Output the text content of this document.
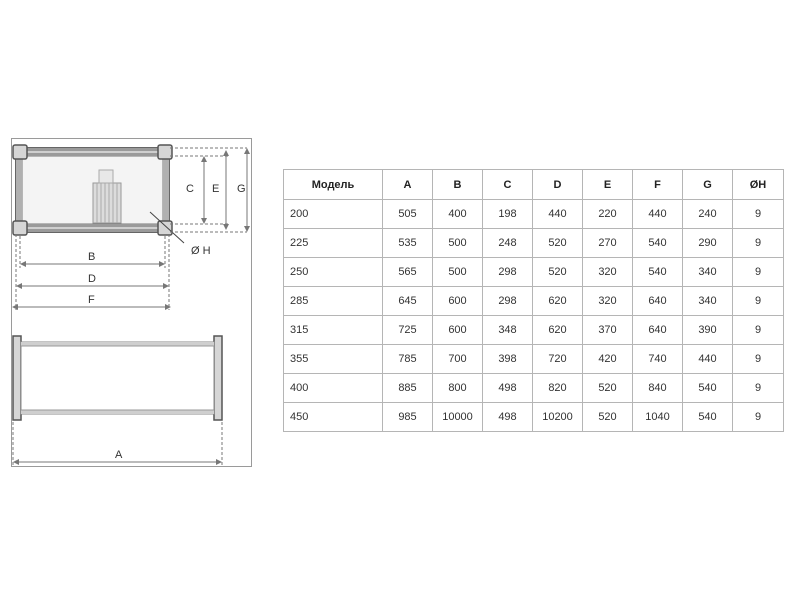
C E G
Ø H
B
D
F
A
Модель	A	B	C	D	E	F	G	ØH
200	505	400	198	440	220	440	240	9
225	535	500	248	520	270	540	290	9
250	565	500	298	520	320	540	340	9
285	645	600	298	620	320	640	340	9
315	725	600	348	620	370	640	390	9
355	785	700	398	720	420	740	440	9
400	885	800	498	820	520	840	540	9
450	985	10000	498	10200	520	1040	540	9
